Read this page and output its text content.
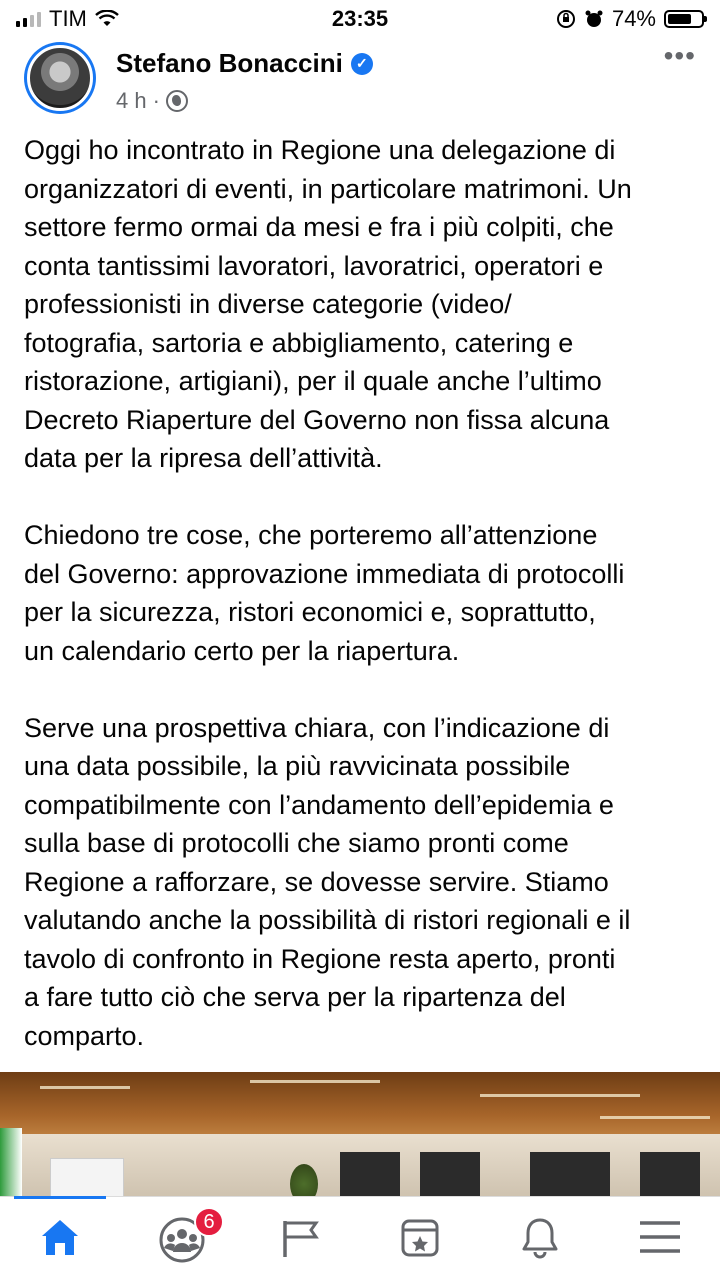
TIM	23:35	74%
Stefano Bonaccini ✓
4 h ·
•••

Oggi ho incontrato in Regione una delegazione di
organizzatori di eventi, in particolare matrimoni. Un
settore fermo ormai da mesi e fra i più colpiti, che
conta tantissimi lavoratori, lavoratrici, operatori e
professionisti in diverse categorie (video/
fotografia, sartoria e abbigliamento, catering e
ristorazione, artigiani), per il quale anche l’ultimo
Decreto Riaperture del Governo non fissa alcuna
data per la ripresa dell’attività.

Chiedono tre cose, che porteremo all’attenzione
del Governo: approvazione immediata di protocolli
per la sicurezza, ristori economici e, soprattutto,
un calendario certo per la riapertura.

Serve una prospettiva chiara, con l’indicazione di
una data possibile, la più ravvicinata possibile
compatibilmente con l’andamento dell’epidemia e
sulla base di protocolli che siamo pronti come
Regione a rafforzare, se dovesse servire. Stiamo
valutando anche la possibilità di ristori regionali e il
tavolo di confronto in Regione resta aperto, pronti
a fare tutto ciò che serva per la ripartenza del
comparto.

6
